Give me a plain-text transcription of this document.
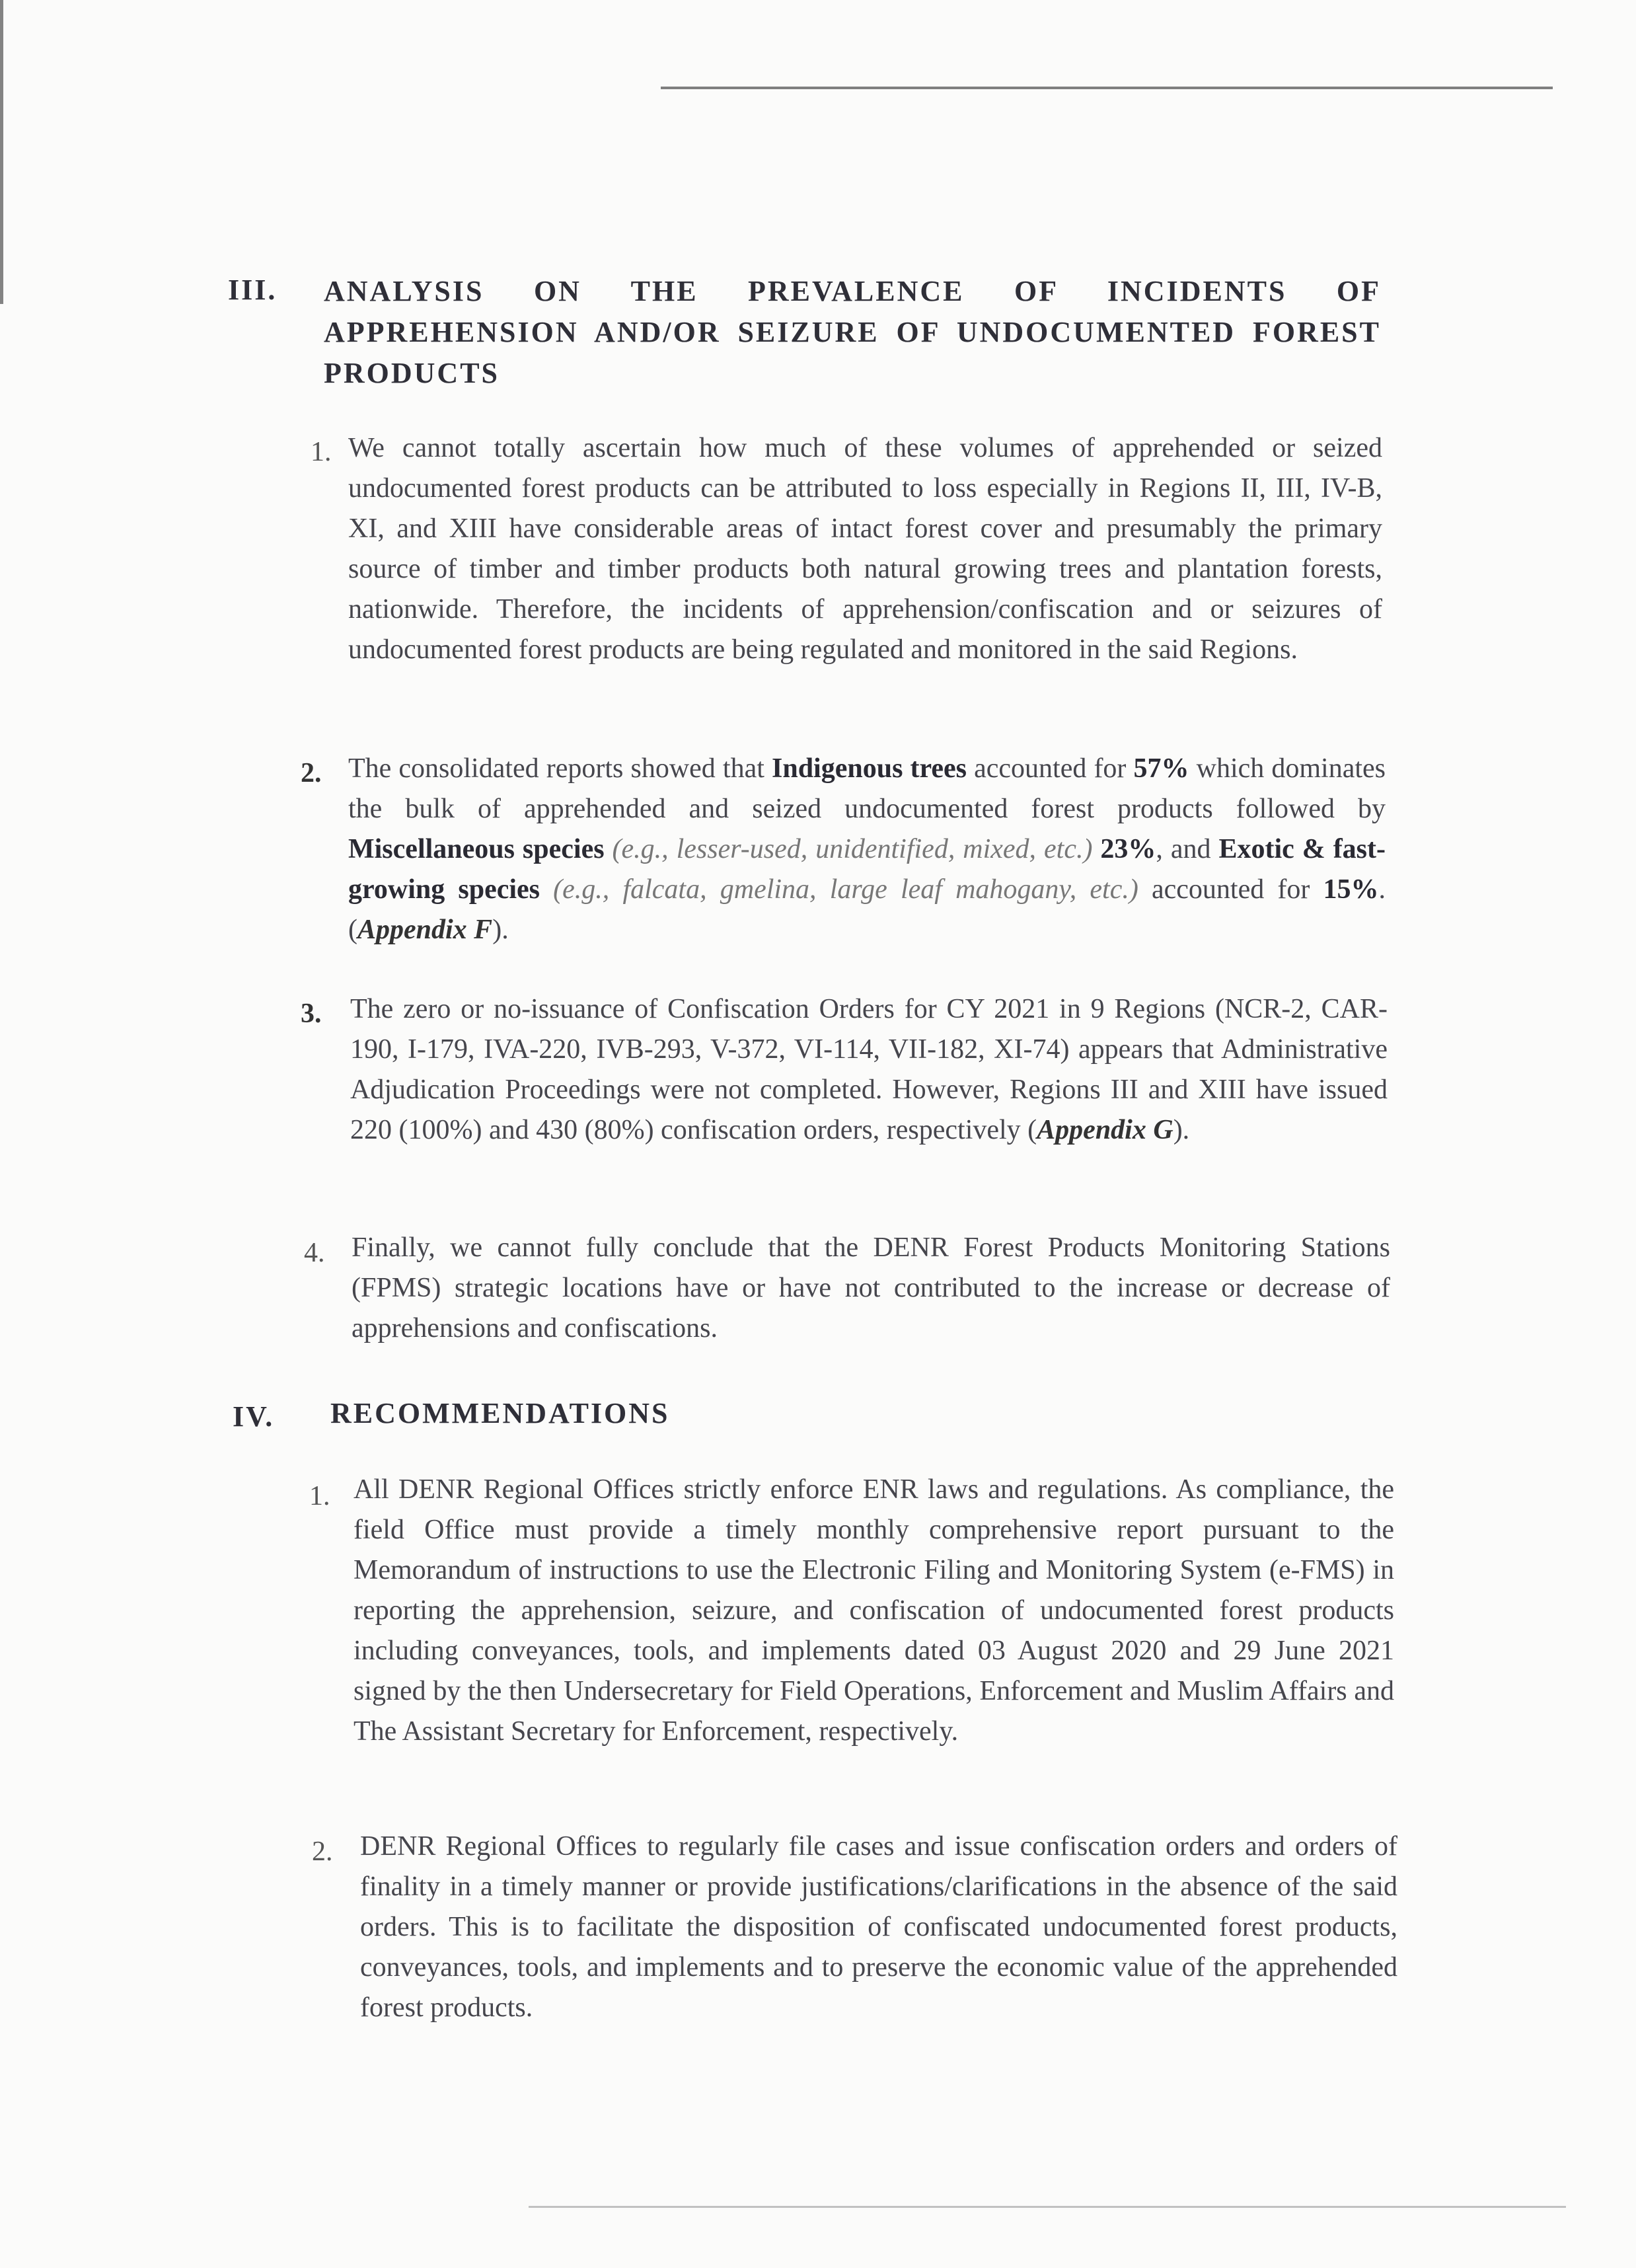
III. ANALYSIS ON THE PREVALENCE OF INCIDENTS OF APPREHENSION AND/OR SEIZURE OF UNDOCUMENTED FOREST PRODUCTS
1. We cannot totally ascertain how much of these volumes of apprehended or seized undocumented forest products can be attributed to loss especially in Regions II, III, IV-B, XI, and XIII have considerable areas of intact forest cover and presumably the primary source of timber and timber products both natural growing trees and plantation forests, nationwide. Therefore, the incidents of apprehension/confiscation and or seizures of undocumented forest products are being regulated and monitored in the said Regions.
2. The consolidated reports showed that Indigenous trees accounted for 57% which dominates the bulk of apprehended and seized undocumented forest products followed by Miscellaneous species (e.g., lesser-used, unidentified, mixed, etc.) 23%, and Exotic & fast-growing species (e.g., falcata, gmelina, large leaf mahogany, etc.) accounted for 15%. (Appendix F).
3. The zero or no-issuance of Confiscation Orders for CY 2021 in 9 Regions (NCR-2, CAR-190, I-179, IVA-220, IVB-293, V-372, VI-114, VII-182, XI-74) appears that Administrative Adjudication Proceedings were not completed. However, Regions III and XIII have issued 220 (100%) and 430 (80%) confiscation orders, respectively (Appendix G).
4. Finally, we cannot fully conclude that the DENR Forest Products Monitoring Stations (FPMS) strategic locations have or have not contributed to the increase or decrease of apprehensions and confiscations.
IV. RECOMMENDATIONS
1. All DENR Regional Offices strictly enforce ENR laws and regulations. As compliance, the field Office must provide a timely monthly comprehensive report pursuant to the Memorandum of instructions to use the Electronic Filing and Monitoring System (e-FMS) in reporting the apprehension, seizure, and confiscation of undocumented forest products including conveyances, tools, and implements dated 03 August 2020 and 29 June 2021 signed by the then Undersecretary for Field Operations, Enforcement and Muslim Affairs and The Assistant Secretary for Enforcement, respectively.
2. DENR Regional Offices to regularly file cases and issue confiscation orders and orders of finality in a timely manner or provide justifications/clarifications in the absence of the said orders. This is to facilitate the disposition of confiscated undocumented forest products, conveyances, tools, and implements and to preserve the economic value of the apprehended forest products.
